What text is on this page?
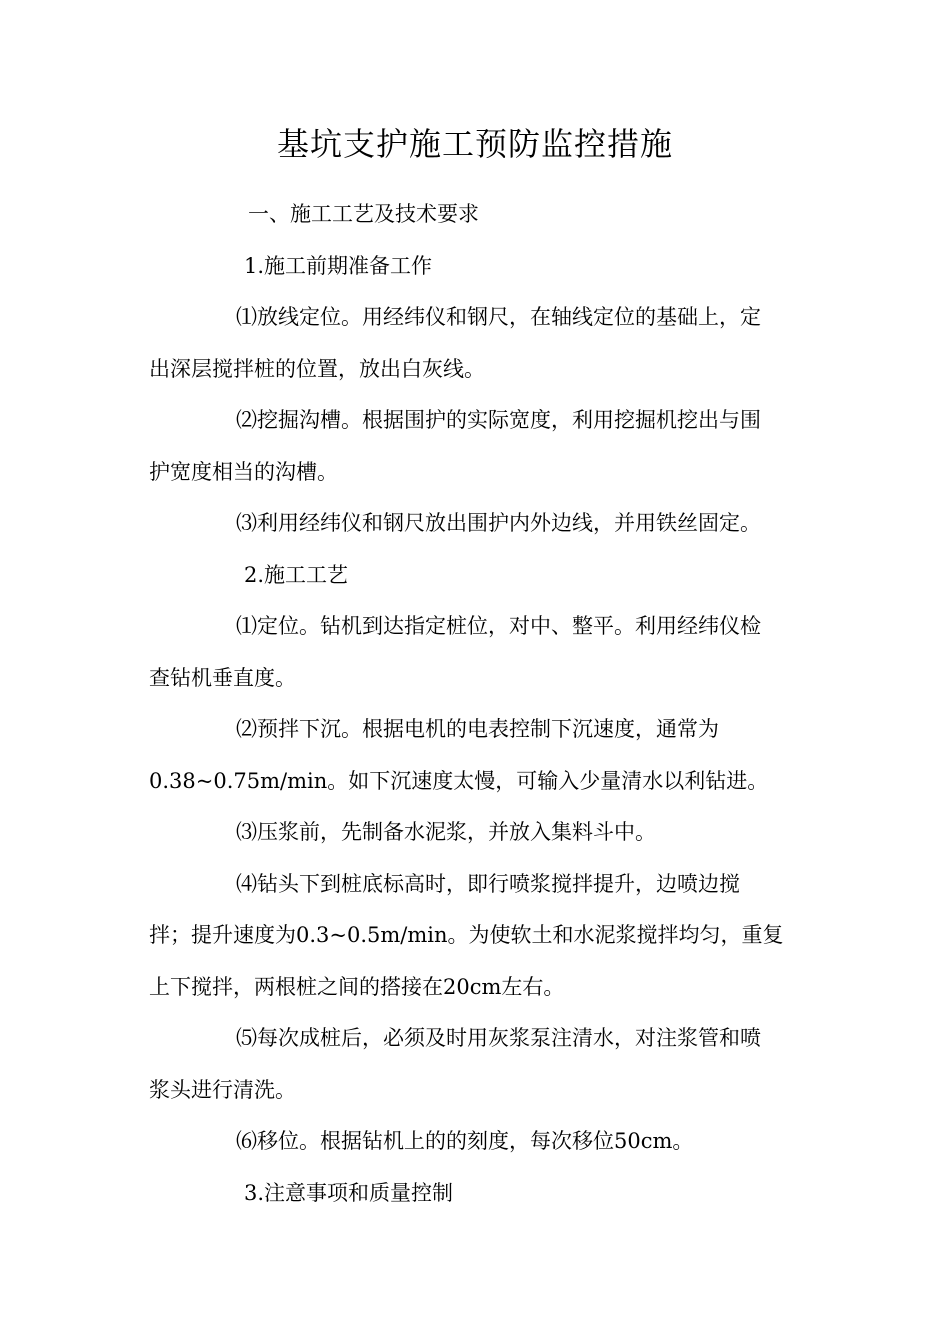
基坑支护施工预防监控措施
一、施工工艺及技术要求
1.施工前期准备工作
⑴放线定位。用经纬仪和钢尺，在轴线定位的基础上，定
出深层搅拌桩的位置，放出白灰线。
⑵挖掘沟槽。根据围护的实际宽度，利用挖掘机挖出与围
护宽度相当的沟槽。
⑶利用经纬仪和钢尺放出围护内外边线，并用铁丝固定。
2.施工工艺
⑴定位。钻机到达指定桩位，对中、整平。利用经纬仪检
查钻机垂直度。
⑵预拌下沉。根据电机的电表控制下沉速度，通常为
0.38~0.75m/min。如下沉速度太慢，可输入少量清水以利钻进。
⑶压浆前，先制备水泥浆，并放入集料斗中。
⑷钻头下到桩底标高时，即行喷浆搅拌提升，边喷边搅
拌；提升速度为0.3~0.5m/min。为使软土和水泥浆搅拌均匀，重复
上下搅拌，两根桩之间的搭接在20cm左右。
⑸每次成桩后，必须及时用灰浆泵注清水，对注浆管和喷
浆头进行清洗。
⑹移位。根据钻机上的的刻度，每次移位50cm。
3.注意事项和质量控制
